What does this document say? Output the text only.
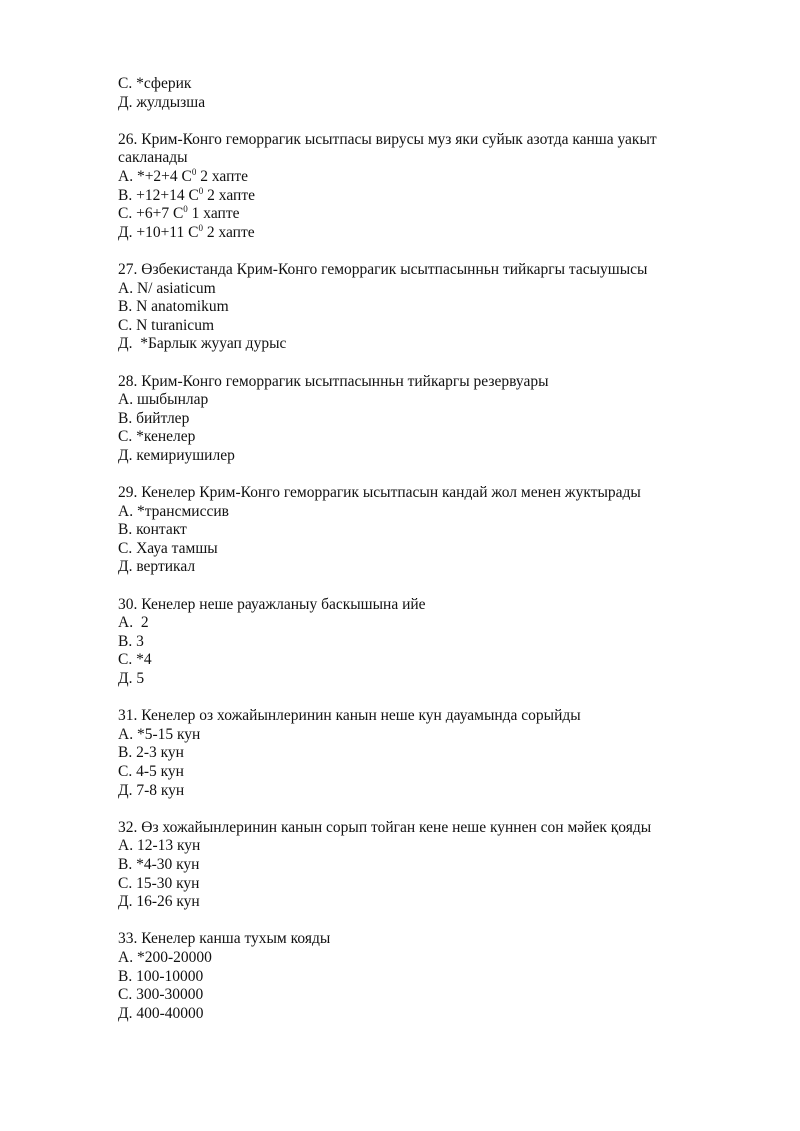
С. *сферик
Д. жулдызша
26. Крим-Конго геморрагик ысытпасы вирусы муз яки суйык азотда канша уакыт сакланады
A. *+2+4 $C^0$ 2 хапте
B. +12+14 $C^0$ 2 хапте
C. +6+7 $C^0$ 1 хапте
Д. +10+11 $C^0$ 2 хапте
27. Өзбекистанда Крим-Конго геморрагик ысытпасынньн тийкаргы тасыушысы
A. N/ asiaticum
B. N anatomikum
C. N turanicum
Д.  *Барлык жууап дурыс
28. Крим-Конго геморрагик ысытпасынньн тийкаргы резервуары
A. шыбынлар
B. бийтлер
C. *кенелер
Д. кемириушилер
29. Кенелер Крим-Конго геморрагик ысытпасын кандай жол менен жуктырады
A. *трансмиссив
B. контакт
C. Хауа тамшы
Д. вертикал
30. Кенелер неше рауажланыу баскышына ийе
A.  2
B. 3
C. *4
Д. 5
31. Кенелер оз хожайынлеринин канын неше кун дауамында сорыйды
A. *5-15 кун
B. 2-3 кун
C. 4-5 кун
Д. 7-8 кун
32. Өз хожайынлеринин канын сорып тойган кене неше куннен сон мәйек қояды
A. 12-13 кун
B. *4-30 кун
C. 15-30 кун
Д. 16-26 кун
33. Кенелер канша тухым кояды
A. *200-20000
B. 100-10000
C. 300-30000
Д. 400-40000
